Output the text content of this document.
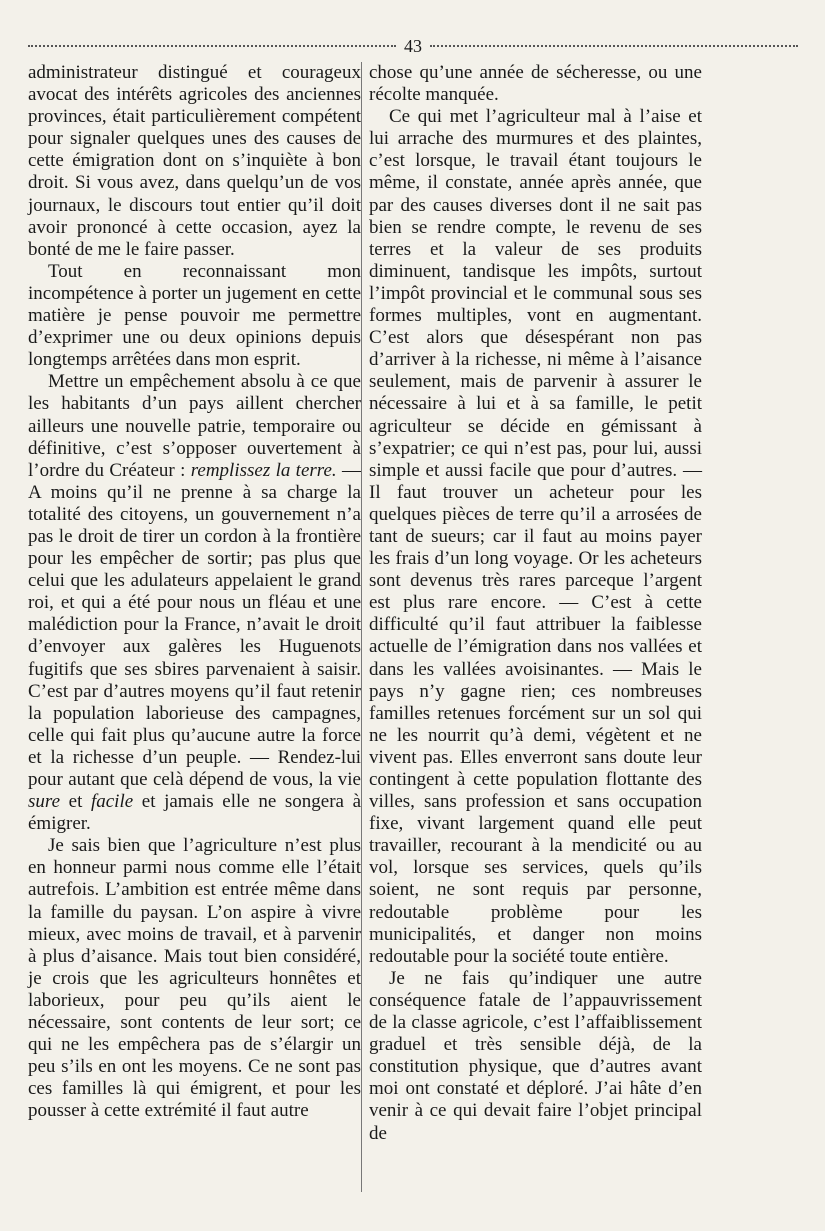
43

administrateur distingué et courageux avocat des intérêts agricoles des anciennes provinces, était particulièrement compétent pour signaler quelques unes des causes de cette émigration dont on s’inquiète à bon droit. Si vous avez, dans quelqu’un de vos journaux, le discours tout entier qu’il doit avoir prononcé à cette occasion, ayez la bonté de me le faire passer.

Tout en reconnaissant mon incompétence à porter un jugement en cette matière je pense pouvoir me permettre d’exprimer une ou deux opinions depuis longtemps arrêtées dans mon esprit.

Mettre un empêchement absolu à ce que les habitants d’un pays aillent chercher ailleurs une nouvelle patrie, temporaire ou définitive, c’est s’opposer ouvertement à l’ordre du Créateur : remplissez la terre. — A moins qu’il ne prenne à sa charge la totalité des citoyens, un gouvernement n’a pas le droit de tirer un cordon à la frontière pour les empêcher de sortir; pas plus que celui que les adulateurs appelaient le grand roi, et qui a été pour nous un fléau et une malédiction pour la France, n’avait le droit d’envoyer aux galères les Huguenots fugitifs que ses sbires parvenaient à saisir. C’est par d’autres moyens qu’il faut retenir la population laborieuse des campagnes, celle qui fait plus qu’aucune autre la force et la richesse d’un peuple. — Rendez-lui pour autant que celà dépend de vous, la vie sure et facile et jamais elle ne songera à émigrer.

Je sais bien que l’agriculture n’est plus en honneur parmi nous comme elle l’était autrefois. L’ambition est entrée même dans la famille du paysan. L’on aspire à vivre mieux, avec moins de travail, et à parvenir à plus d’aisance. Mais tout bien considéré, je crois que les agriculteurs honnêtes et laborieux, pour peu qu’ils aient le nécessaire, sont contents de leur sort; ce qui ne les empêchera pas de s’élargir un peu s’ils en ont les moyens. Ce ne sont pas ces familles là qui émigrent, et pour les pousser à cette extrémité il faut autre

chose qu’une année de sécheresse, ou une récolte manquée.

Ce qui met l’agriculteur mal à l’aise et lui arrache des murmures et des plaintes, c’est lorsque, le travail étant toujours le même, il constate, année après année, que par des causes diverses dont il ne sait pas bien se rendre compte, le revenu de ses terres et la valeur de ses produits diminuent, tandisque les impôts, surtout l’impôt provincial et le communal sous ses formes multiples, vont en augmentant. C’est alors que désespérant non pas d’arriver à la richesse, ni même à l’aisance seulement, mais de parvenir à assurer le nécessaire à lui et à sa famille, le petit agriculteur se décide en gémissant à s’expatrier; ce qui n’est pas, pour lui, aussi simple et aussi facile que pour d’autres. — Il faut trouver un acheteur pour les quelques pièces de terre qu’il a arrosées de tant de sueurs; car il faut au moins payer les frais d’un long voyage. Or les acheteurs sont devenus très rares parceque l’argent est plus rare encore. — C’est à cette difficulté qu’il faut attribuer la faiblesse actuelle de l’émigration dans nos vallées et dans les vallées avoisinantes. — Mais le pays n’y gagne rien; ces nombreuses familles retenues forcément sur un sol qui ne les nourrit qu’à demi, végètent et ne vivent pas. Elles enverront sans doute leur contingent à cette population flottante des villes, sans profession et sans occupation fixe, vivant largement quand elle peut travailler, recourant à la mendicité ou au vol, lorsque ses services, quels qu’ils soient, ne sont requis par personne, redoutable problème pour les municipalités, et danger non moins redoutable pour la société toute entière.

Je ne fais qu’indiquer une autre conséquence fatale de l’appauvrissement de la classe agricole, c’est l’affaiblissement graduel et très sensible déjà, de la constitution physique, que d’autres avant moi ont constaté et déploré. J’ai hâte d’en venir à ce qui devait faire l’objet principal de
